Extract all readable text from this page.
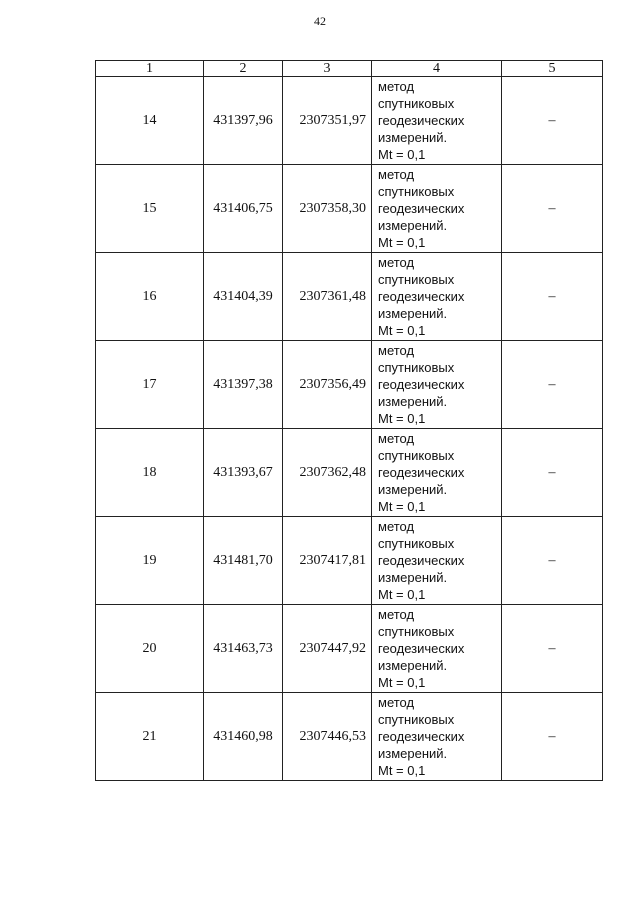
42
1	2	3	4	5
14	431397,96	2307351,97	метод
спутниковых
геодезических
измерений.
Mt = 0,1	–
15	431406,75	2307358,30	метод
спутниковых
геодезических
измерений.
Mt = 0,1	–
16	431404,39	2307361,48	метод
спутниковых
геодезических
измерений.
Mt = 0,1	–
17	431397,38	2307356,49	метод
спутниковых
геодезических
измерений.
Mt = 0,1	–
18	431393,67	2307362,48	метод
спутниковых
геодезических
измерений.
Mt = 0,1	–
19	431481,70	2307417,81	метод
спутниковых
геодезических
измерений.
Mt = 0,1	–
20	431463,73	2307447,92	метод
спутниковых
геодезических
измерений.
Mt = 0,1	–
21	431460,98	2307446,53	метод
спутниковых
геодезических
измерений.
Mt = 0,1	–
